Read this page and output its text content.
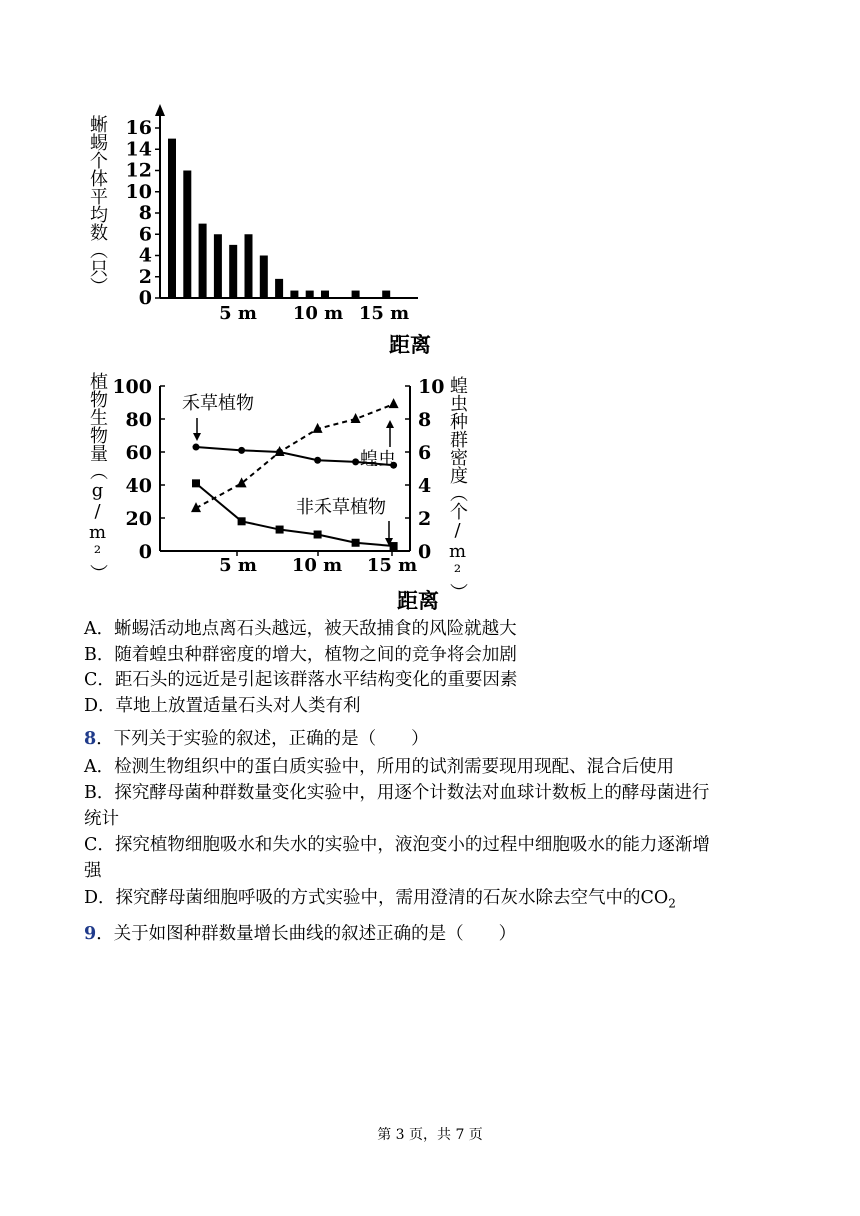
蜥蜴个体平均数（只）
0
2
4
6
8
10
12
14
16
5 m 10 m 15 m
距离
植物生物量（g/m²）	蝗虫种群密度（个/m²）
0
20
40
60
80
100
0
2
4
6
8
10
5 m 10 m 15 m
距离
禾草植物
蝗虫
非禾草植物
A．蜥蜴活动地点离石头越远，被天敌捕食的风险就越大
B．随着蝗虫种群密度的增大，植物之间的竞争将会加剧
C．距石头的远近是引起该群落水平结构变化的重要因素
D．草地上放置适量石头对人类有利
8．下列关于实验的叙述，正确的是（　　）
A．检测生物组织中的蛋白质实验中，所用的试剂需要现用现配、混合后使用
B．探究酵母菌种群数量变化实验中，用逐个计数法对血球计数板上的酵母菌进行
统计
C．探究植物细胞吸水和失水的实验中，液泡变小的过程中细胞吸水的能力逐渐增
强
D．探究酵母菌细胞呼吸的方式实验中，需用澄清的石灰水除去空气中的$CO_2$
9．关于如图种群数量增长曲线的叙述正确的是（　　）
第 3 页，共 7 页
